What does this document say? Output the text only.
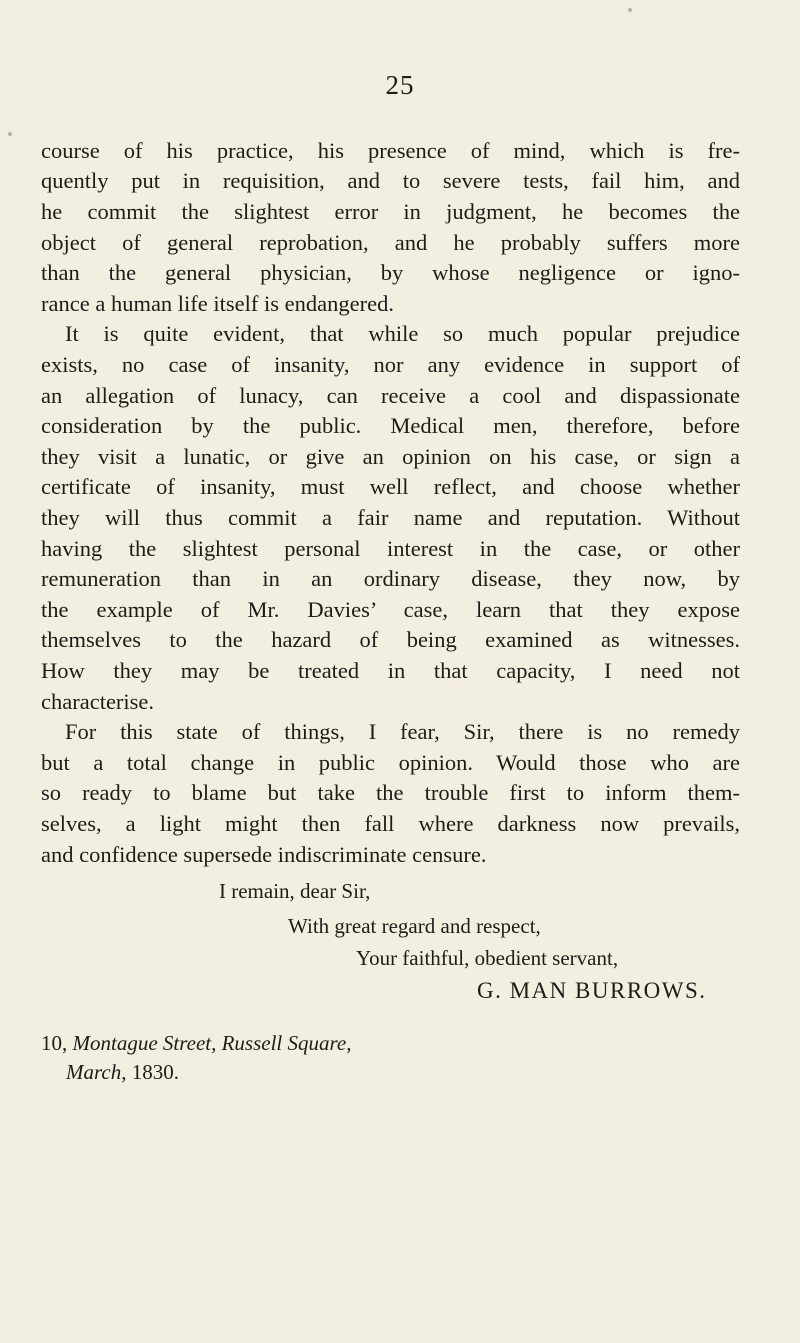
25
course of his practice, his presence of mind, which is fre-
quently put in requisition, and to severe tests, fail him, and
he commit the slightest error in judgment, he becomes the
object of general reprobation, and he probably suffers more
than the general physician, by whose negligence or igno-
rance a human life itself is endangered.
It is quite evident, that while so much popular prejudice
exists, no case of insanity, nor any evidence in support of
an allegation of lunacy, can receive a cool and dispassionate
consideration by the public. Medical men, therefore, before
they visit a lunatic, or give an opinion on his case, or sign a
certificate of insanity, must well reflect, and choose whether
they will thus commit a fair name and reputation. Without
having the slightest personal interest in the case, or other
remuneration than in an ordinary disease, they now, by
the example of Mr. Davies’ case, learn that they expose
themselves to the hazard of being examined as witnesses.
How they may be treated in that capacity, I need not
characterise.
For this state of things, I fear, Sir, there is no remedy
but a total change in public opinion. Would those who are
so ready to blame but take the trouble first to inform them-
selves, a light might then fall where darkness now prevails,
and confidence supersede indiscriminate censure.
I remain, dear Sir,
With great regard and respect,
Your faithful, obedient servant,
G. MAN BURROWS.
10, Montague Street, Russell Square,
March, 1830.
